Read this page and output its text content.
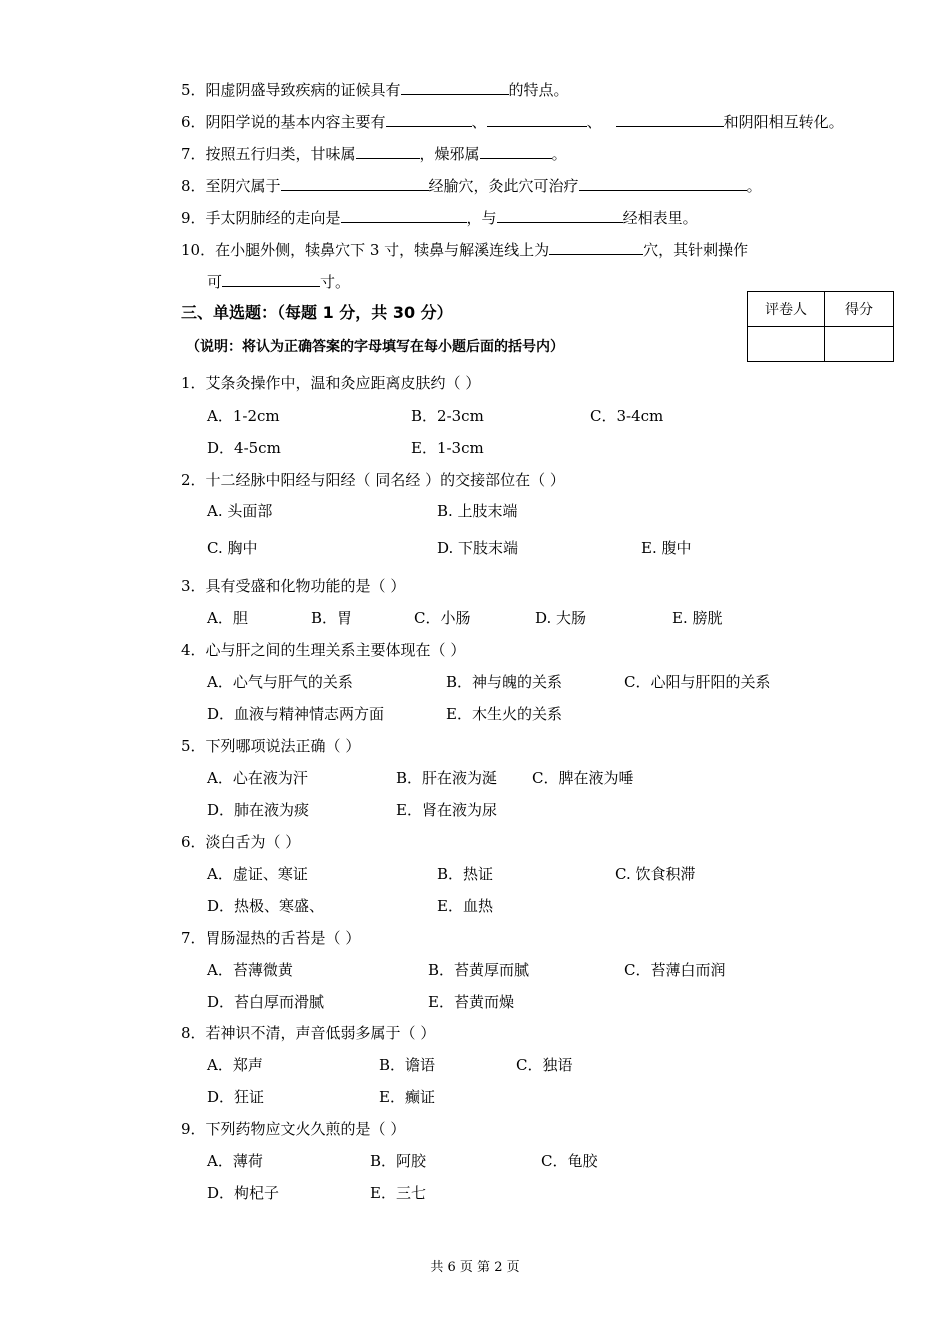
5．阳虚阴盛导致疾病的证候具有	的特点。
6．阴阳学说的基本内容主要有	、	、	和阴阳相互转化。
7．按照五行归类，甘味属	，燥邪属	。
8．至阴穴属于	经腧穴，灸此穴可治疗	。
9．手太阴肺经的走向是	，与	经相表里。
10．在小腿外侧，犊鼻穴下 3 寸，犊鼻与解溪连线上为	穴，其针刺操作
可	寸。
三、单选题：（每题 1 分，共 30 分）
（说明：将认为正确答案的字母填写在每小题后面的括号内）
评卷人	得分

1．艾条灸操作中，温和灸应距离皮肤约（ ）
A．1-2cm	B．2-3cm	C．3-4cm
D．4-5cm	E．1-3cm
2．十二经脉中阳经与阳经（ 同名经 ）的交接部位在（ ）
A. 头面部	B. 上肢末端
C. 胸中	D. 下肢末端	E. 腹中
3．具有受盛和化物功能的是（ ）
A．胆	B．胃	C．小肠	D. 大肠	E. 膀胱
4．心与肝之间的生理关系主要体现在（ ）
A．心气与肝气的关系	B．神与魄的关系	C．心阳与肝阳的关系
D．血液与精神情志两方面	E．木生火的关系
5．下列哪项说法正确（ ）
A．心在液为汗	B．肝在液为涎 C．脾在液为唾
D．肺在液为痰	E．肾在液为尿
6．淡白舌为（ ）
A．虚证、寒证	B．热证	C. 饮食积滞
D．热极、寒盛、	E．血热
7．胃肠湿热的舌苔是（ ）
A．苔薄微黄	B．苔黄厚而腻	C．苔薄白而润
D．苔白厚而滑腻	E．苔黄而燥
8．若神识不清，声音低弱多属于（ ）
A．郑声	B．谵语	C．独语
D．狂证	E．癫证
9．下列药物应文火久煎的是（ ）
A．薄荷	B．阿胶	C．龟胶
D．枸杞子	E．三七
共 6 页 第 2 页
